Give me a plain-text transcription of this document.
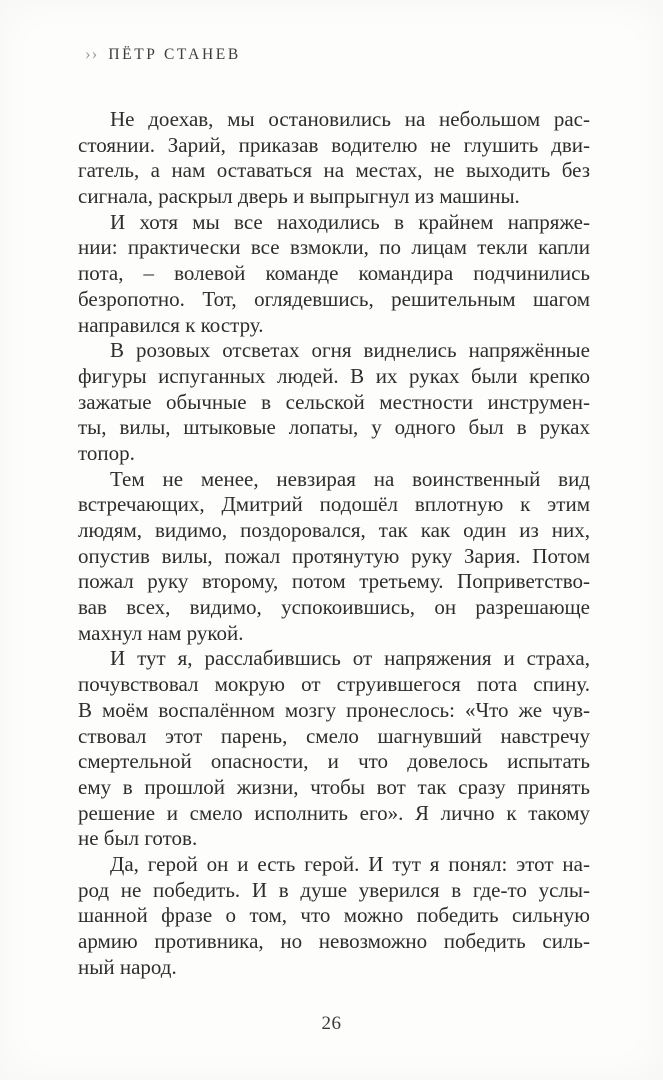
›› ПЁТР СТАНЕВ
Не доехав, мы остановились на небольшом рас-
стоянии. Зарий, приказав водителю не глушить дви-
гатель, а нам оставаться на местах, не выходить без
сигнала, раскрыл дверь и выпрыгнул из машины.
И хотя мы все находились в крайнем напряже-
нии: практически все взмокли, по лицам текли капли
пота, – волевой команде командира подчинились
безропотно. Тот, оглядевшись, решительным шагом
направился к костру.
В розовых отсветах огня виднелись напряжённые
фигуры испуганных людей. В их руках были крепко
зажатые обычные в сельской местности инструмен-
ты, вилы, штыковые лопаты, у одного был в руках
топор.
Тем не менее, невзирая на воинственный вид
встречающих, Дмитрий подошёл вплотную к этим
людям, видимо, поздоровался, так как один из них,
опустив вилы, пожал протянутую руку Зария. Потом
пожал руку второму, потом третьему. Поприветство-
вав всех, видимо, успокоившись, он разрешающе
махнул нам рукой.
И тут я, расслабившись от напряжения и страха,
почувствовал мокрую от струившегося пота спину.
В моём воспалённом мозгу пронеслось: «Что же чув-
ствовал этот парень, смело шагнувший навстречу
смертельной опасности, и что довелось испытать
ему в прошлой жизни, чтобы вот так сразу принять
решение и смело исполнить его». Я лично к такому
не был готов.
Да, герой он и есть герой. И тут я понял: этот на-
род не победить. И в душе уверился в где-то услы-
шанной фразе о том, что можно победить сильную
армию противника, но невозможно победить силь-
ный народ.
26
